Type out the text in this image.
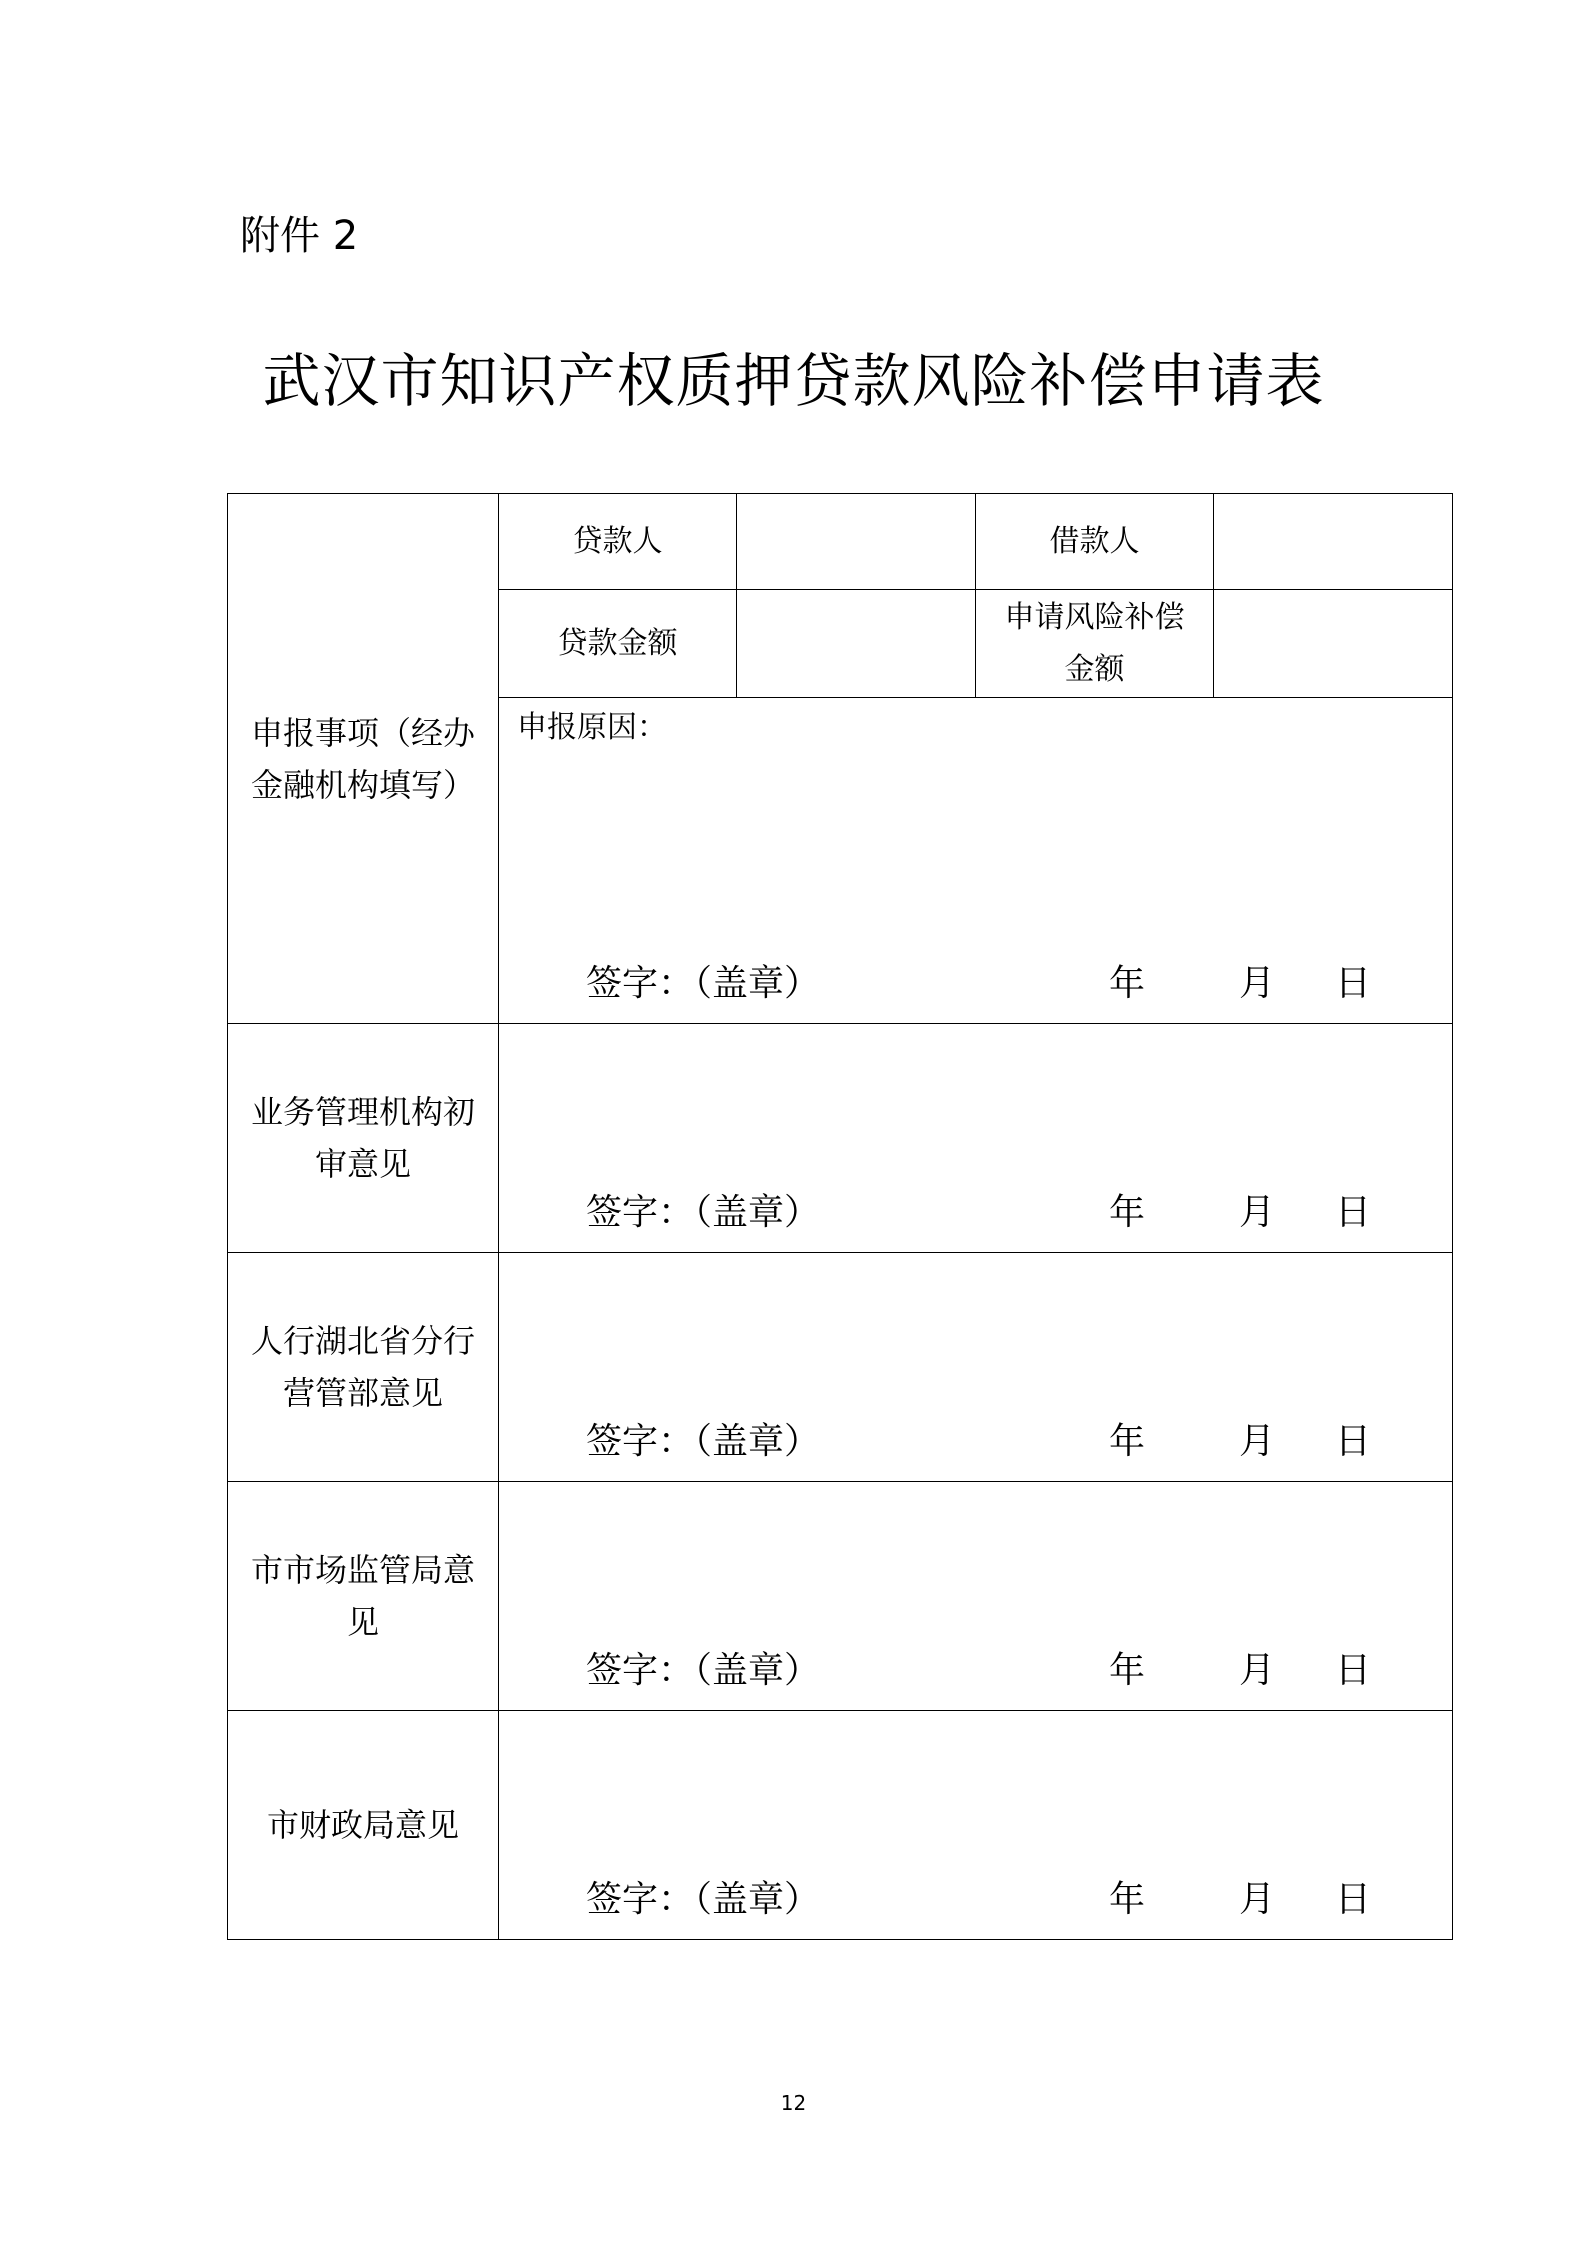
附件 2
武汉市知识产权质押贷款风险补偿申请表
申报事项（经办金融机构填写）	贷款人		借款人	
	贷款金额		申请风险补偿金额	

	申报原因：
签字：（盖章） 年 月 日			

业务管理机构初审意见	签字：（盖章） 年 月 日			

人行湖北省分行营管部意见	签字：（盖章） 年 月 日			

市市场监管局意见	签字：（盖章） 年 月 日			

市财政局意见	签字：（盖章） 年 月 日			
12
